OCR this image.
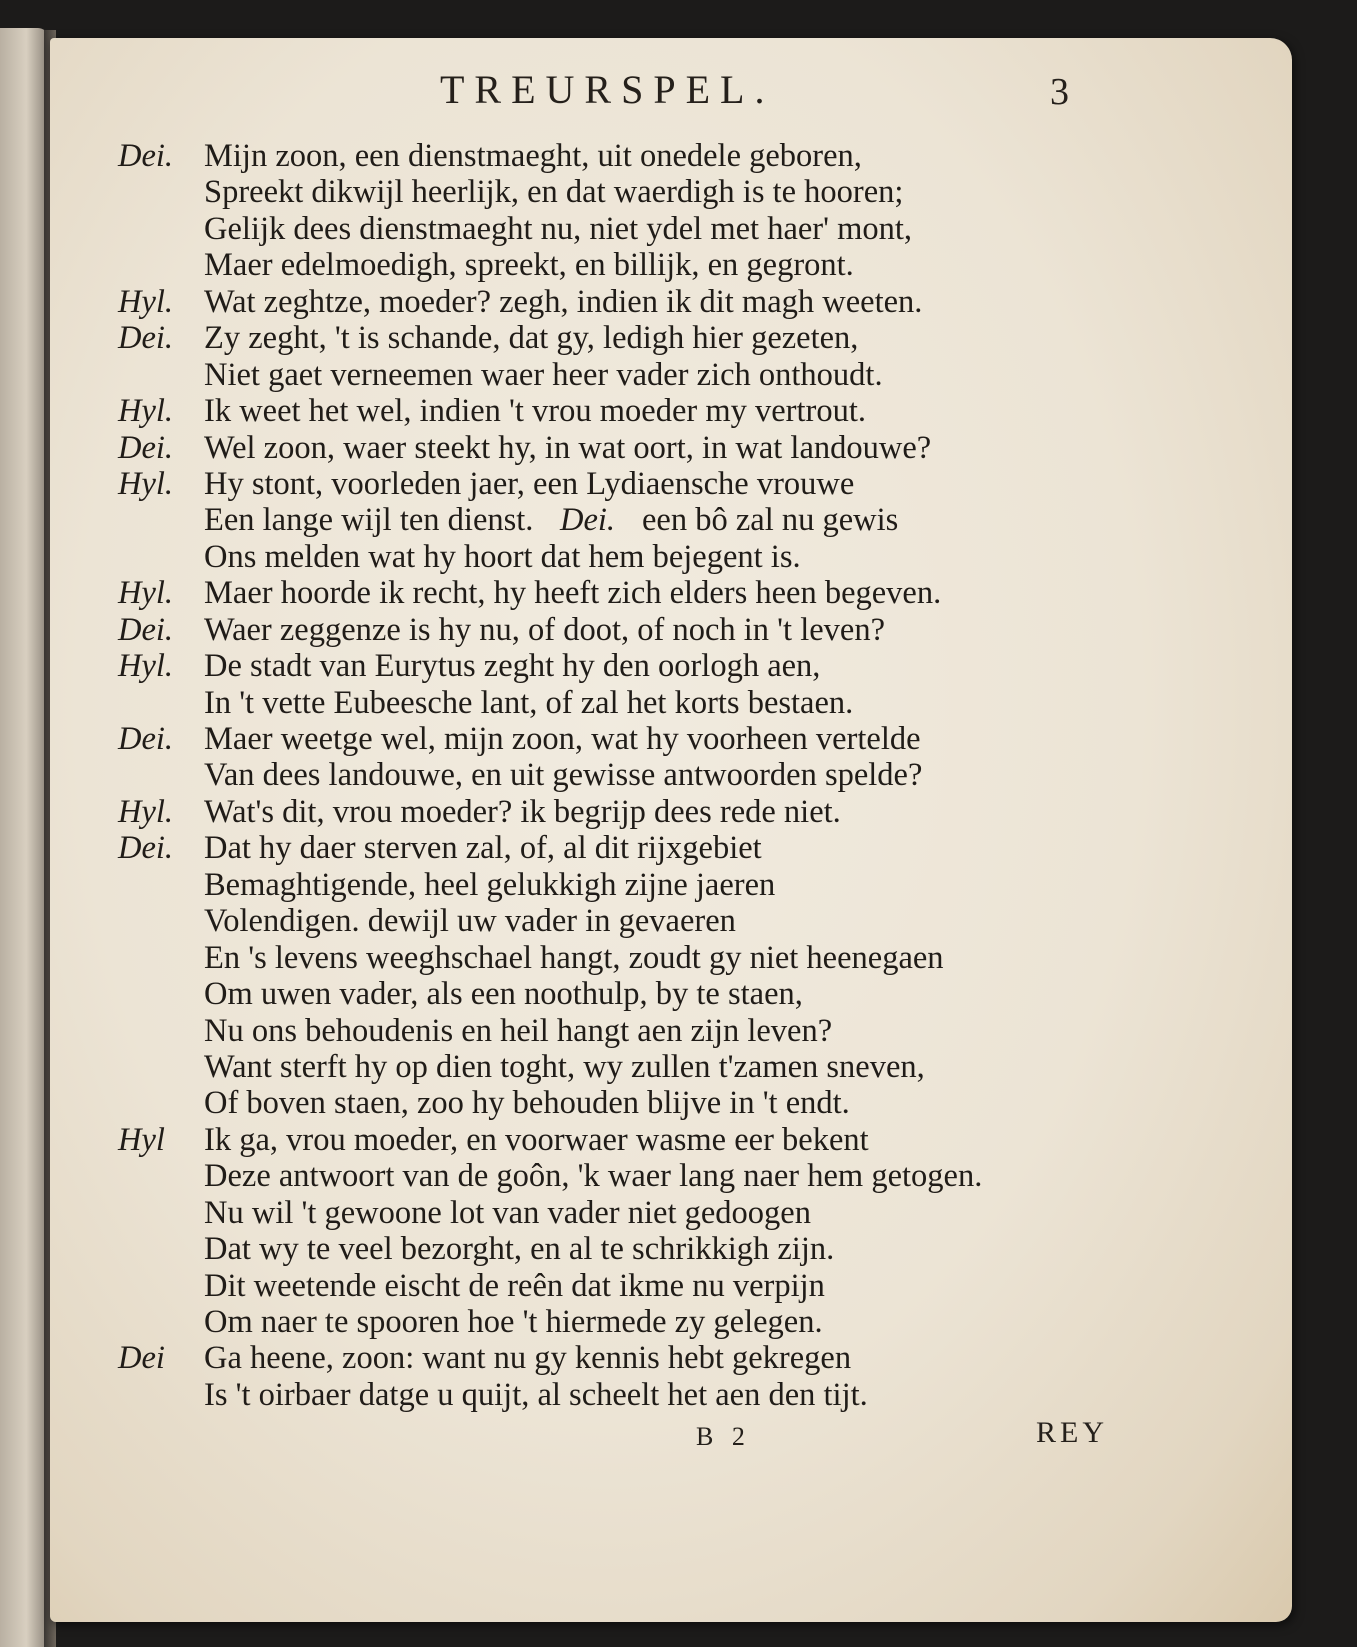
TREURSPEL.	3
Dei. Mijn zoon, een dienstmaeght, uit onedele geboren,
Spreekt dikwijl heerlijk, en dat waerdigh is te hooren;
Gelijk dees dienstmaeght nu, niet ydel met haer' mont,
Maer edelmoedigh, spreekt, en billijk, en gegront.
Hyl. Wat zeghtze, moeder? zegh, indien ik dit magh weeten.
Dei. Zy zeght, 't is schande, dat gy, ledigh hier gezeten,
Niet gaet verneemen waer heer vader zich onthoudt.
Hyl. Ik weet het wel, indien 't vrou moeder my vertrout.
Dei. Wel zoon, waer steekt hy, in wat oort, in wat landouwe?
Hyl. Hy stont, voorleden jaer, een Lydiaensche vrouwe
Een lange wijl ten dienst. Dei. een bô zal nu gewis
Ons melden wat hy hoort dat hem bejegent is.
Hyl. Maer hoorde ik recht, hy heeft zich elders heen begeven.
Dei. Waer zeggenze is hy nu, of doot, of noch in 't leven?
Hyl. De stadt van Eurytus zeght hy den oorlogh aen,
In 't vette Eubeesche lant, of zal het korts bestaen.
Dei. Maer weetge wel, mijn zoon, wat hy voorheen vertelde
Van dees landouwe, en uit gewisse antwoorden spelde?
Hyl. Wat's dit, vrou moeder? ik begrijp dees rede niet.
Dei. Dat hy daer sterven zal, of, al dit rijxgebiet
Bemaghtigende, heel gelukkigh zijne jaeren
Volendigen. dewijl uw vader in gevaeren
En 's levens weeghschael hangt, zoudt gy niet heenegaen
Om uwen vader, als een noothulp, by te staen,
Nu ons behoudenis en heil hangt aen zijn leven?
Want sterft hy op dien toght, wy zullen t'zamen sneven,
Of boven staen, zoo hy behouden blijve in 't endt.
Hyl Ik ga, vrou moeder, en voorwaer wasme eer bekent
Deze antwoort van de goôn, 'k waer lang naer hem getogen.
Nu wil 't gewoone lot van vader niet gedoogen
Dat wy te veel bezorght, en al te schrikkigh zijn.
Dit weetende eischt de reên dat ikme nu verpijn
Om naer te spooren hoe 't hiermede zy gelegen.
Dei Ga heene, zoon: want nu gy kennis hebt gekregen
Is 't oirbaer datge u quijt, al scheelt het aen den tijt.
B 2	REY
